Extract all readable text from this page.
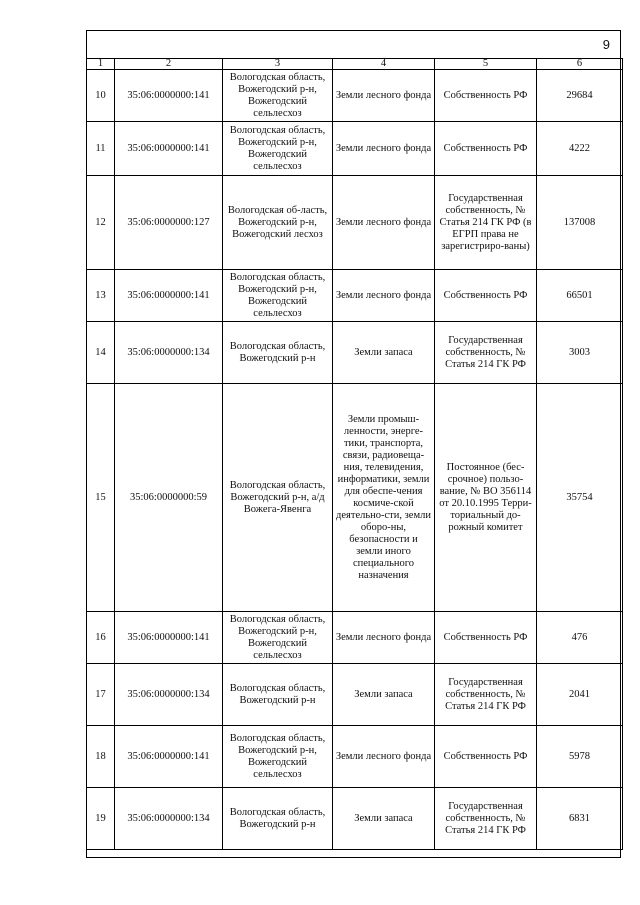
9
1	2	3	4	5	6
10	35:06:0000000:141	Вологодская область, Вожегодский р-н, Вожегодский сельлесхоз	Земли лесного фонда	Собственность РФ	29684
11	35:06:0000000:141	Вологодская область, Вожегодский р-н, Вожегодский сельлесхоз	Земли лесного фонда	Собственность РФ	4222
12	35:06:0000000:127	Вологодская об-ласть, Вожегодский р-н, Вожегодский лесхоз	Земли лесного фонда	Государственная собственность, № Статья 214 ГК РФ (в ЕГРП права не зарегистриро-ваны)	137008
13	35:06:0000000:141	Вологодская область, Вожегодский р-н, Вожегодский сельлесхоз	Земли лесного фонда	Собственность РФ	66501
14	35:06:0000000:134	Вологодская область, Вожегодский р-н	Земли запаса	Государственная собственность, № Статья 214 ГК РФ	3003
15	35:06:0000000:59	Вологодская область, Вожегодский р-н, а/д Вожега-Явенга	Земли промыш-ленности, энерге-тики, транспорта, связи, радиовеща-ния, телевидения, информатики, земли для обеспе-чения космиче-ской деятельно-сти, земли оборо-ны, безопасности и земли иного специального назначения	Постоянное (бес-срочное) пользо-вание, № ВО 356114 от 20.10.1995 Терри-ториальный до-рожный комитет	35754
16	35:06:0000000:141	Вологодская область, Вожегодский р-н, Вожегодский сельлесхоз	Земли лесного фонда	Собственность РФ	476
17	35:06:0000000:134	Вологодская область, Вожегодский р-н	Земли запаса	Государственная собственность, № Статья 214 ГК РФ	2041
18	35:06:0000000:141	Вологодская область, Вожегодский р-н, Вожегодский сельлесхоз	Земли лесного фонда	Собственность РФ	5978
19	35:06:0000000:134	Вологодская область, Вожегодский р-н	Земли запаса	Государственная собственность, № Статья 214 ГК РФ	6831
